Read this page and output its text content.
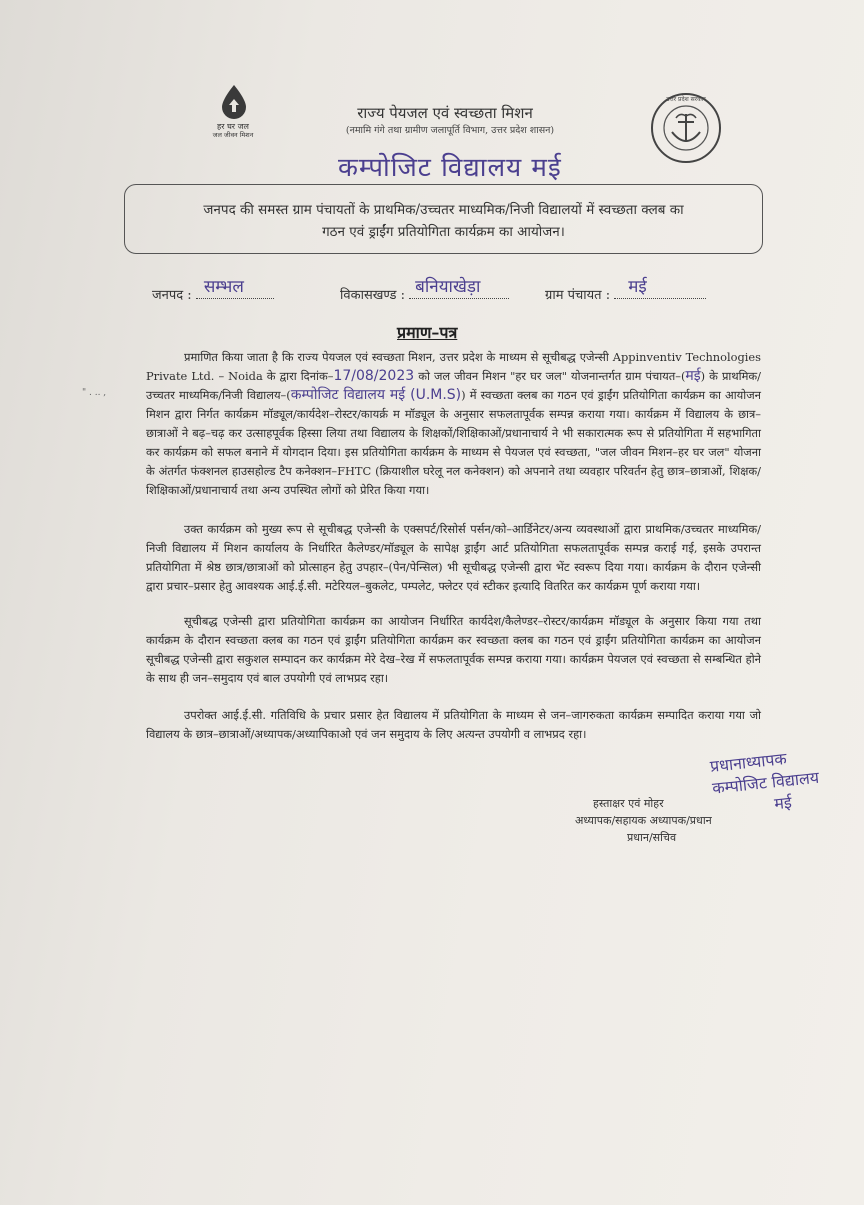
हर घर जल
जल जीवन मिशन
राज्य पेयजल एवं स्वच्छता मिशन
(नमामि गंगे तथा ग्रामीण जलापूर्ति विभाग, उत्तर प्रदेश शासन)
उत्तर प्रदेश सरकार
कम्पोजिट विद्यालय मई
जनपद की समस्त ग्राम पंचायतों के प्राथमिक/उच्चतर माध्यमिक/निजी विद्यालयों में स्वच्छता क्लब का
गठन एवं ड्राईंग प्रतियोगिता कार्यक्रम का आयोजन।
जनपद : सम्भल	विकासखण्ड : बनियाखेड़ा	ग्राम पंचायत : मई
प्रमाण–पत्र
" . .. ,

प्रमाणित किया जाता है कि राज्य पेयजल एवं स्वच्छता मिशन, उत्तर प्रदेश के माध्यम से सूचीबद्ध एजेन्सी Appinventiv Technologies Private Ltd. – Noida के द्वारा दिनांक–17/08/2023 को जल जीवन मिशन "हर घर जल" योजनान्तर्गत ग्राम पंचायत–(मई) के प्राथमिक/उच्चतर माध्यमिक/निजी विद्यालय–(कम्पोजिट विद्यालय मई (U.M.S)) में स्वच्छता क्लब का गठन एवं ड्राईंग प्रतियोगिता कार्यक्रम का आयोजन मिशन द्वारा निर्गत कार्यक्रम मॉड्यूल/कार्यदेश–रोस्टर/कायर्क्र म मॉड्यूल के अनुसार सफलतापूर्वक सम्पन्न कराया गया। कार्यक्रम में विद्यालय के छात्र–छात्राओं ने बढ़–चढ़ कर उत्साहपूर्वक हिस्सा लिया तथा विद्यालय के शिक्षकों/शिक्षिकाओं/प्रधानाचार्य ने भी सकारात्मक रूप से प्रतियोगिता में सहभागिता कर कार्यक्रम को सफल बनाने में योगदान दिया। इस प्रतियोगिता कार्यक्रम के माध्यम से पेयजल एवं स्वच्छता, "जल जीवन मिशन–हर घर जल" योजना के अंतर्गत फंक्शनल हाउसहोल्ड टैप कनेक्शन–FHTC (क्रियाशील घरेलू नल कनेक्शन) को अपनाने तथा व्यवहार परिवर्तन हेतु छात्र–छात्राओं, शिक्षक/शिक्षिकाओं/प्रधानाचार्य तथा अन्य उपस्थित लोगों को प्रेरित किया गया।

उक्त कार्यक्रम को मुख्य रूप से सूचीबद्ध एजेन्सी के एक्सपर्ट/रिसोर्स पर्सन/को–आर्डिनेटर/अन्य व्यवस्थाओं द्वारा प्राथमिक/उच्चतर माध्यमिक/निजी विद्यालय में मिशन कार्यालय के निर्धारित कैलेण्डर/मॉड्यूल के सापेक्ष ड्राईंग आर्ट प्रतियोगिता सफलतापूर्वक सम्पन्न कराई गई, इसके उपरान्त प्रतियोगिता में श्रेष्ठ छात्र/छात्राओं को प्रोत्साहन हेतु उपहार–(पेन/पेन्सिल) भी सूचीबद्ध एजेन्सी द्वारा भेंट स्वरूप दिया गया। कार्यक्रम के दौरान एजेन्सी द्वारा प्रचार–प्रसार हेतु आवश्यक आई.ई.सी. मटेरियल–बुकलेट, पम्पलेट, फ्लेटर एवं स्टीकर इत्यादि वितरित कर कार्यक्रम पूर्ण कराया गया।

सूचीबद्ध एजेन्सी द्वारा प्रतियोगिता कार्यक्रम का आयोजन निर्धारित कार्यदेश/कैलेण्डर–रोस्टर/कार्यक्रम मॉड्यूल के अनुसार किया गया तथा कार्यक्रम के दौरान स्वच्छता क्लब का गठन एवं ड्राईंग प्रतियोगिता कार्यक्रम कर स्वच्छता क्लब का गठन एवं ड्राईंग प्रतियोगिता कार्यक्रम का आयोजन सूचीबद्ध एजेन्सी द्वारा सकुशल सम्पादन कर कार्यक्रम मेरे देख–रेख में सफलतापूर्वक सम्पन्न कराया गया। कार्यक्रम पेयजल एवं स्वच्छता से सम्बन्धित होने के साथ ही जन–समुदाय एवं बाल उपयोगी एवं लाभप्रद रहा।

उपरोक्त आई.ई.सी. गतिविधि के प्रचार प्रसार हेत विद्यालय में प्रतियोगिता के माध्यम से जन–जागरुकता कार्यक्रम सम्पादित कराया गया जो विद्यालय के छात्र–छात्राओं/अध्यापक/अध्यापिकाओ एवं जन समुदाय के लिए अत्यन्त उपयोगी व लाभप्रद रहा।

प्रधानाध्यापक
कम्पोजिट विद्यालय
मई
हस्ताक्षर एवं मोहर
अध्यापक/सहायक अध्यापक/प्रधान
प्रधान/सचिव
